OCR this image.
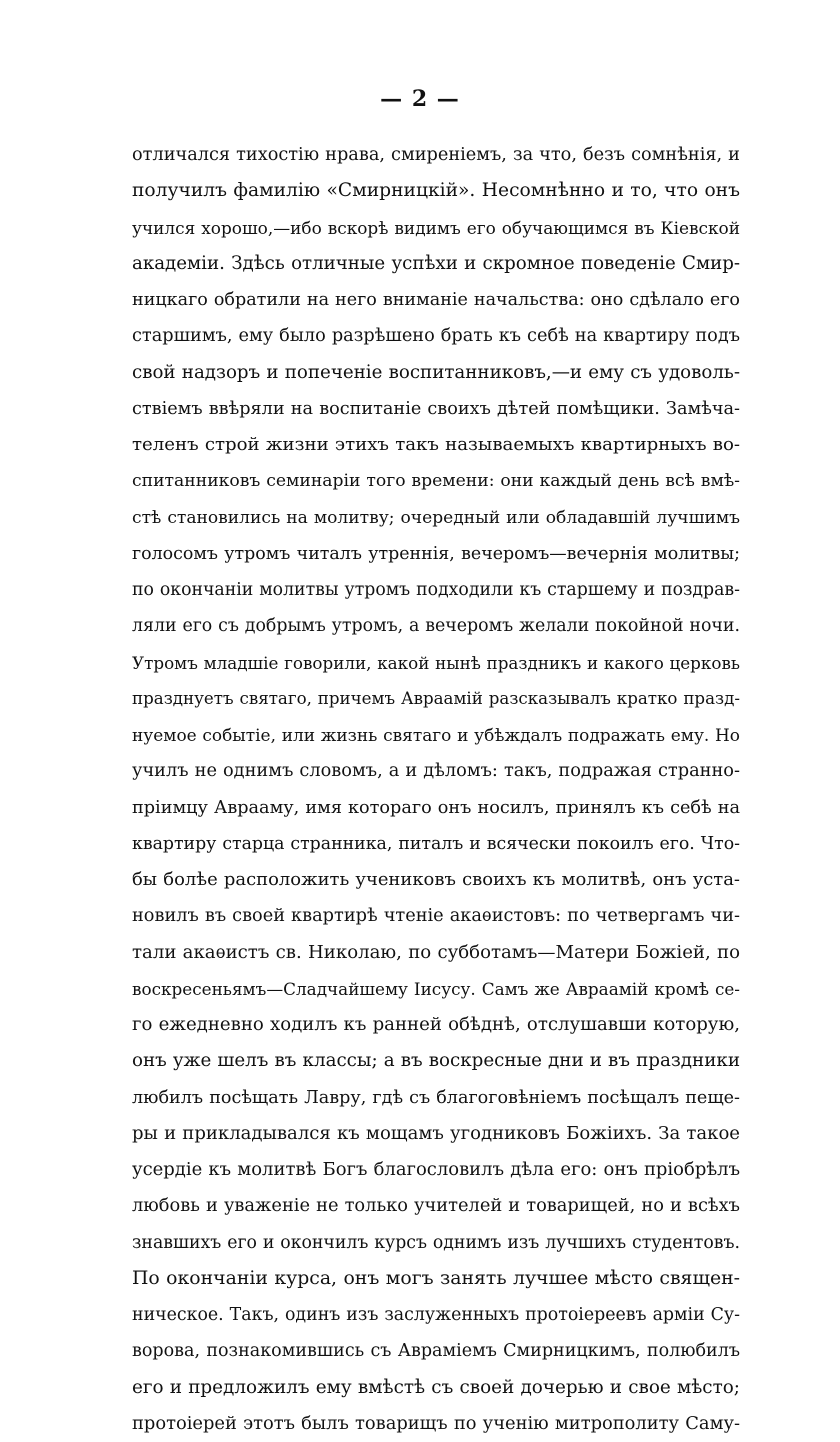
— 2 —
отличался тихостію нрава, смиреніемъ, за что, безъ сомнѣнія, и
получилъ фамилію «Смирницкій». Несомнѣнно и то, что онъ
учился хорошо,—ибо вскорѣ видимъ его обучающимся въ Кіевской
академіи. Здѣсь отличные успѣхи и скромное поведеніе Смир-
ницкаго обратили на него вниманіе начальства: оно сдѣлало его
старшимъ, ему было разрѣшено брать къ себѣ на квартиру подъ
свой надзоръ и попеченіе воспитанниковъ,—и ему съ удоволь-
ствіемъ ввѣряли на воспитаніе своихъ дѣтей помѣщики. Замѣча-
теленъ строй жизни этихъ такъ называемыхъ квартирныхъ во-
спитанниковъ семинаріи того времени: они каждый день всѣ вмѣ-
стѣ становились на молитву; очередный или обладавшій лучшимъ
голосомъ утромъ читалъ утреннія, вечеромъ—вечернія молитвы;
по окончаніи молитвы утромъ подходили къ старшему и поздрав-
ляли его съ добрымъ утромъ, а вечеромъ желали покойной ночи.
Утромъ младшіе говорили, какой нынѣ праздникъ и какого церковь
празднуетъ святаго, причемъ Авраамій разсказывалъ кратко празд-
нуемое событіе, или жизнь святаго и убѣждалъ подражать ему. Но
училъ не однимъ словомъ, а и дѣломъ: такъ, подражая странно-
пріимцу Аврааму, имя котораго онъ носилъ, принялъ къ себѣ на
квартиру старца странника, питалъ и всячески покоилъ его. Что-
бы болѣе расположить учениковъ своихъ къ молитвѣ, онъ уста-
новилъ въ своей квартирѣ чтеніе акаѳистовъ: по четвергамъ чи-
тали акаѳистъ св. Николаю, по субботамъ—Матери Божіей, по
воскресеньямъ—Сладчайшему Іисусу. Самъ же Авраамій кромѣ се-
го ежедневно ходилъ къ ранней обѣднѣ, отслушавши которую,
онъ уже шелъ въ классы; а въ воскресные дни и въ праздники
любилъ посѣщать Лавру, гдѣ съ благоговѣніемъ посѣщалъ пеще-
ры и прикладывался къ мощамъ угодниковъ Божіихъ. За такое
усердіе къ молитвѣ Богъ благословилъ дѣла его: онъ пріобрѣлъ
любовь и уваженіе не только учителей и товарищей, но и всѣхъ
знавшихъ его и окончилъ курсъ однимъ изъ лучшихъ студентовъ.
По окончаніи курса, онъ могъ занять лучшее мѣсто священ-
ническое. Такъ, одинъ изъ заслуженныхъ протоіереевъ арміи Су-
ворова, познакомившись съ Авраміемъ Смирницкимъ, полюбилъ
его и предложилъ ему вмѣстѣ съ своей дочерью и свое мѣсто;
протоіерей этотъ былъ товарищъ по ученію митрополиту Саму-
